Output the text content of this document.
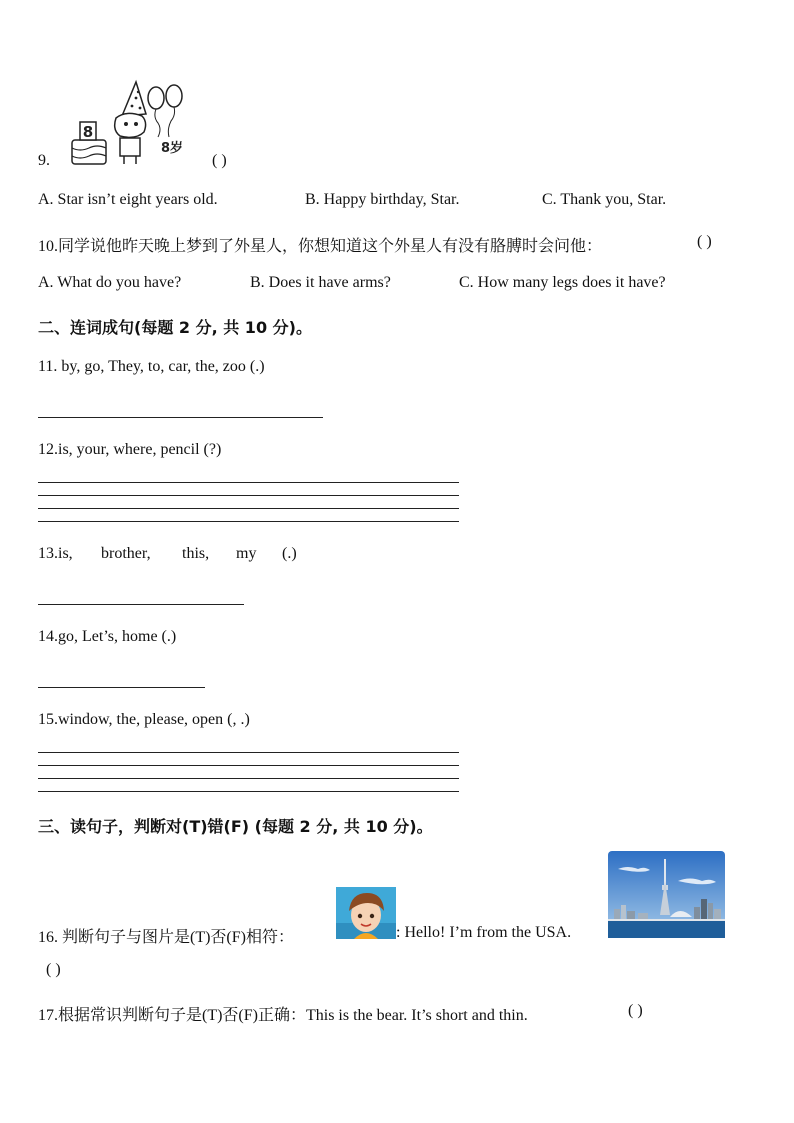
9.
8
8岁
( )
A. Star isn’t eight years old.	B. Happy birthday, Star.	C. Thank you, Star.
10.同学说他昨天晚上梦到了外星人，你想知道这个外星人有没有胳膊时会问他：	( )
A. What do you have?	B. Does it have arms?	C. How many legs does it have?
二、连词成句(每题 2 分, 共 10 分)。
11. by, go, They, to, car, the, zoo (.)
12.is, your, where, pencil (?)
13.is, brother, this, my (.)
14.go, Let’s, home (.)
15.window, the, please, open (, .)
三、读句子，判断对(T)错(F) (每题 2 分, 共 10 分)。
16. 判断句子与图片是(T)否(F)相符：	: Hello! I’m from the USA.
( )
17.根据常识判断句子是(T)否(F)正确：This is the bear. It’s short and thin.	( )
